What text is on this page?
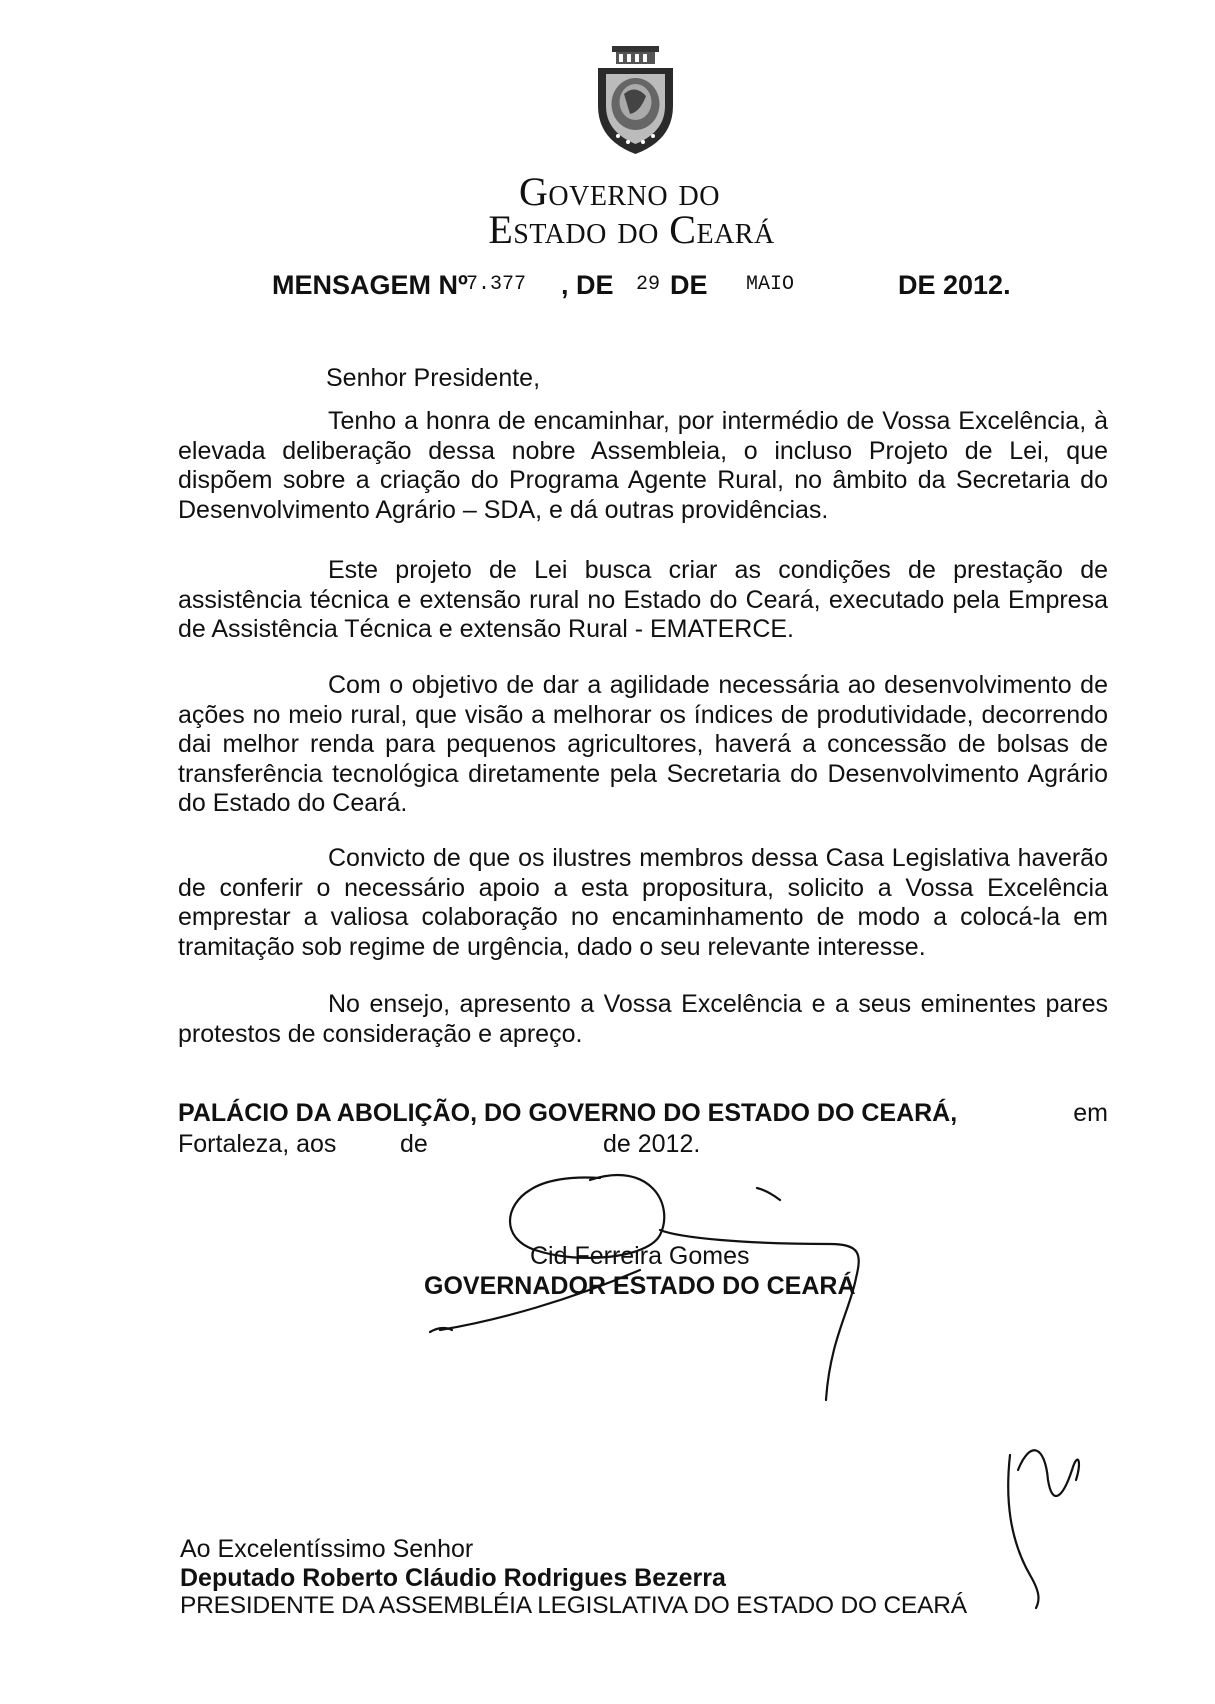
Governo do
Estado do Ceará
MENSAGEM Nº
7.377 , DE 29 DE MAIO	DE 2012.
Senhor Presidente,
Tenho a honra de encaminhar, por intermédio de Vossa Excelência, à elevada deliberação dessa nobre Assembleia, o incluso Projeto de Lei, que dispõem sobre a criação do Programa Agente Rural, no âmbito da Secretaria do Desenvolvimento Agrário – SDA, e dá outras providências.
Este projeto de Lei busca criar as condições de prestação de assistência técnica e extensão rural no Estado do Ceará, executado pela Empresa de Assistência Técnica e extensão Rural - EMATERCE.
Com o objetivo de dar a agilidade necessária ao desenvolvimento de ações no meio rural, que visão a melhorar os índices de produtividade, decorrendo dai melhor renda para pequenos agricultores, haverá a concessão de bolsas de transferência tecnológica diretamente pela Secretaria do Desenvolvimento Agrário do Estado do Ceará.
Convicto de que os ilustres membros dessa Casa Legislativa haverão de conferir o necessário apoio a esta propositura, solicito a Vossa Excelência emprestar a valiosa colaboração no encaminhamento de modo a colocá-la em tramitação sob regime de urgência, dado o seu relevante interesse.
No ensejo, apresento a Vossa Excelência e a seus eminentes pares protestos de consideração e apreço.
PALÁCIO DA ABOLIÇÃO, DO GOVERNO DO ESTADO DO CEARÁ,	em
Fortaleza, aos	de	de 2012.
Cid Ferreira Gomes
GOVERNADOR ESTADO DO CEARÁ
Ao Excelentíssimo Senhor
Deputado Roberto Cláudio Rodrigues Bezerra
PRESIDENTE DA ASSEMBLÉIA LEGISLATIVA DO ESTADO DO CEARÁ
